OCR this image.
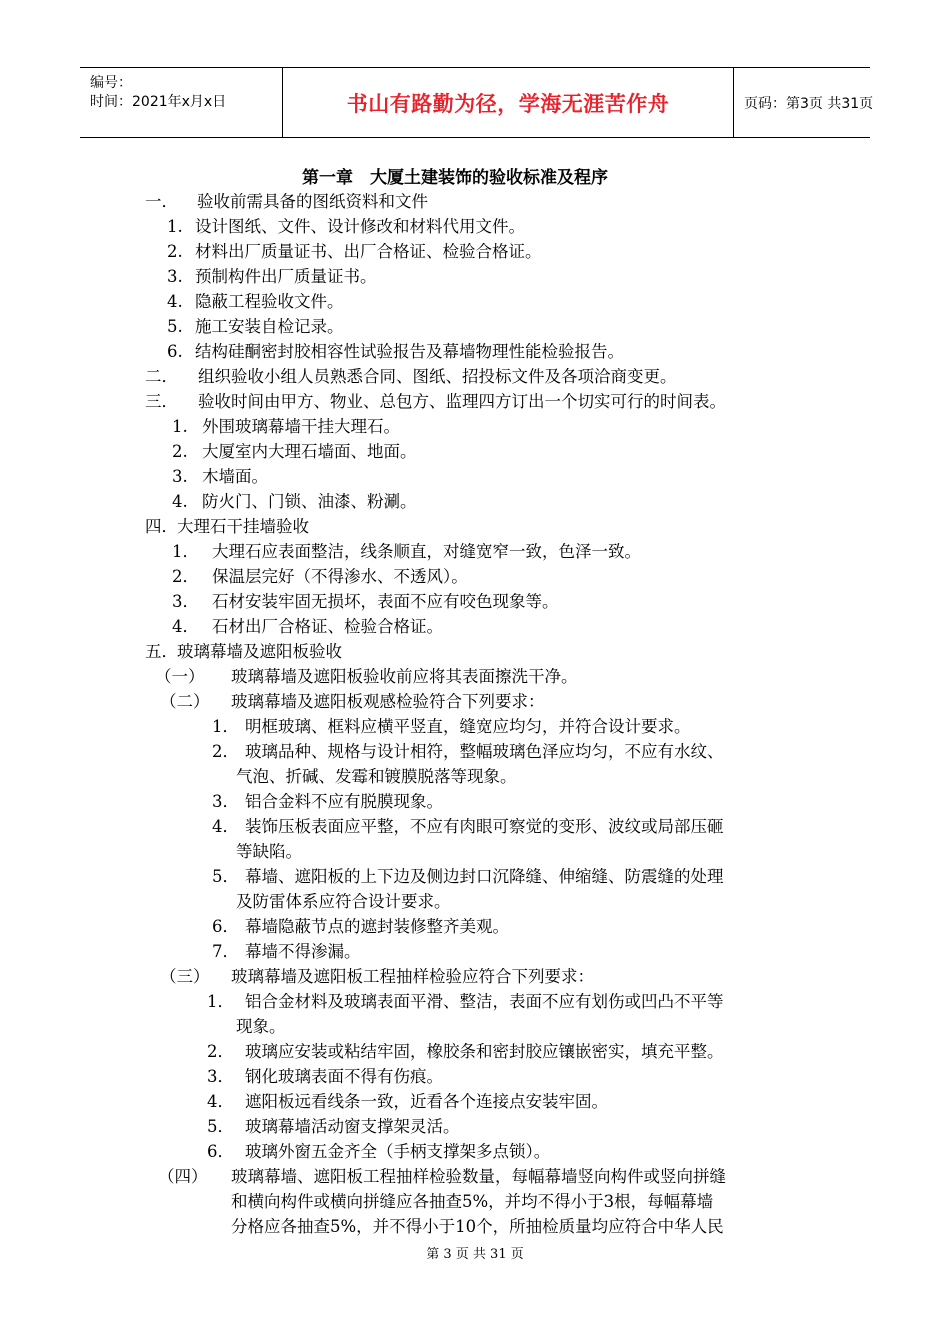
编号：
时间：2021年x月x日	书山有路勤为径，学海无涯苦作舟	页码：第3页 共31页
第一章　大厦土建装饰的验收标准及程序
一． 验收前需具备的图纸资料和文件
1. 设计图纸、文件、设计修改和材料代用文件。
2. 材料出厂质量证书、出厂合格证、检验合格证。
3. 预制构件出厂质量证书。
4. 隐蔽工程验收文件。
5. 施工安装自检记录。
6. 结构硅酮密封胶相容性试验报告及幕墙物理性能检验报告。
二． 组织验收小组人员熟悉合同、图纸、招投标文件及各项洽商变更。
三． 验收时间由甲方、物业、总包方、监理四方订出一个切实可行的时间表。
1. 外围玻璃幕墙干挂大理石。
2. 大厦室内大理石墙面、地面。
3. 木墙面。
4. 防火门、门锁、油漆、粉涮。
四．大理石干挂墙验收
1． 大理石应表面整洁，线条顺直，对缝宽窄一致，色泽一致。
2． 保温层完好（不得渗水、不透风）。
3． 石材安装牢固无损坏，表面不应有咬色现象等。
4． 石材出厂合格证、检验合格证。
五．玻璃幕墙及遮阳板验收
（一） 玻璃幕墙及遮阳板验收前应将其表面擦洗干净。
（二） 玻璃幕墙及遮阳板观感检验符合下列要求：
1． 明框玻璃、框料应横平竖直，缝宽应均匀，并符合设计要求。
2． 玻璃品种、规格与设计相符，整幅玻璃色泽应均匀，不应有水纹、
气泡、折碱、发霉和镀膜脱落等现象。
3． 铝合金料不应有脱膜现象。
4． 装饰压板表面应平整，不应有肉眼可察觉的变形、波纹或局部压砸
等缺陷。
5． 幕墙、遮阳板的上下边及侧边封口沉降缝、伸缩缝、防震缝的处理
及防雷体系应符合设计要求。
6． 幕墙隐蔽节点的遮封装修整齐美观。
7． 幕墙不得渗漏。
（三） 玻璃幕墙及遮阳板工程抽样检验应符合下列要求：
1． 铝合金材料及玻璃表面平滑、整洁，表面不应有划伤或凹凸不平等
现象。
2． 玻璃应安装或粘结牢固，橡胶条和密封胶应镶嵌密实，填充平整。
3． 钢化玻璃表面不得有伤痕。
4． 遮阳板远看线条一致，近看各个连接点安装牢固。
5． 玻璃幕墙活动窗支撑架灵活。
6． 玻璃外窗五金齐全（手柄支撑架多点锁）。
（四） 玻璃幕墙、遮阳板工程抽样检验数量，每幅幕墙竖向构件或竖向拼缝
和横向构件或横向拼缝应各抽查5%，并均不得小于3根，每幅幕墙
分格应各抽查5%，并不得小于10个，所抽检质量均应符合中华人民
第 3 页 共 31 页
